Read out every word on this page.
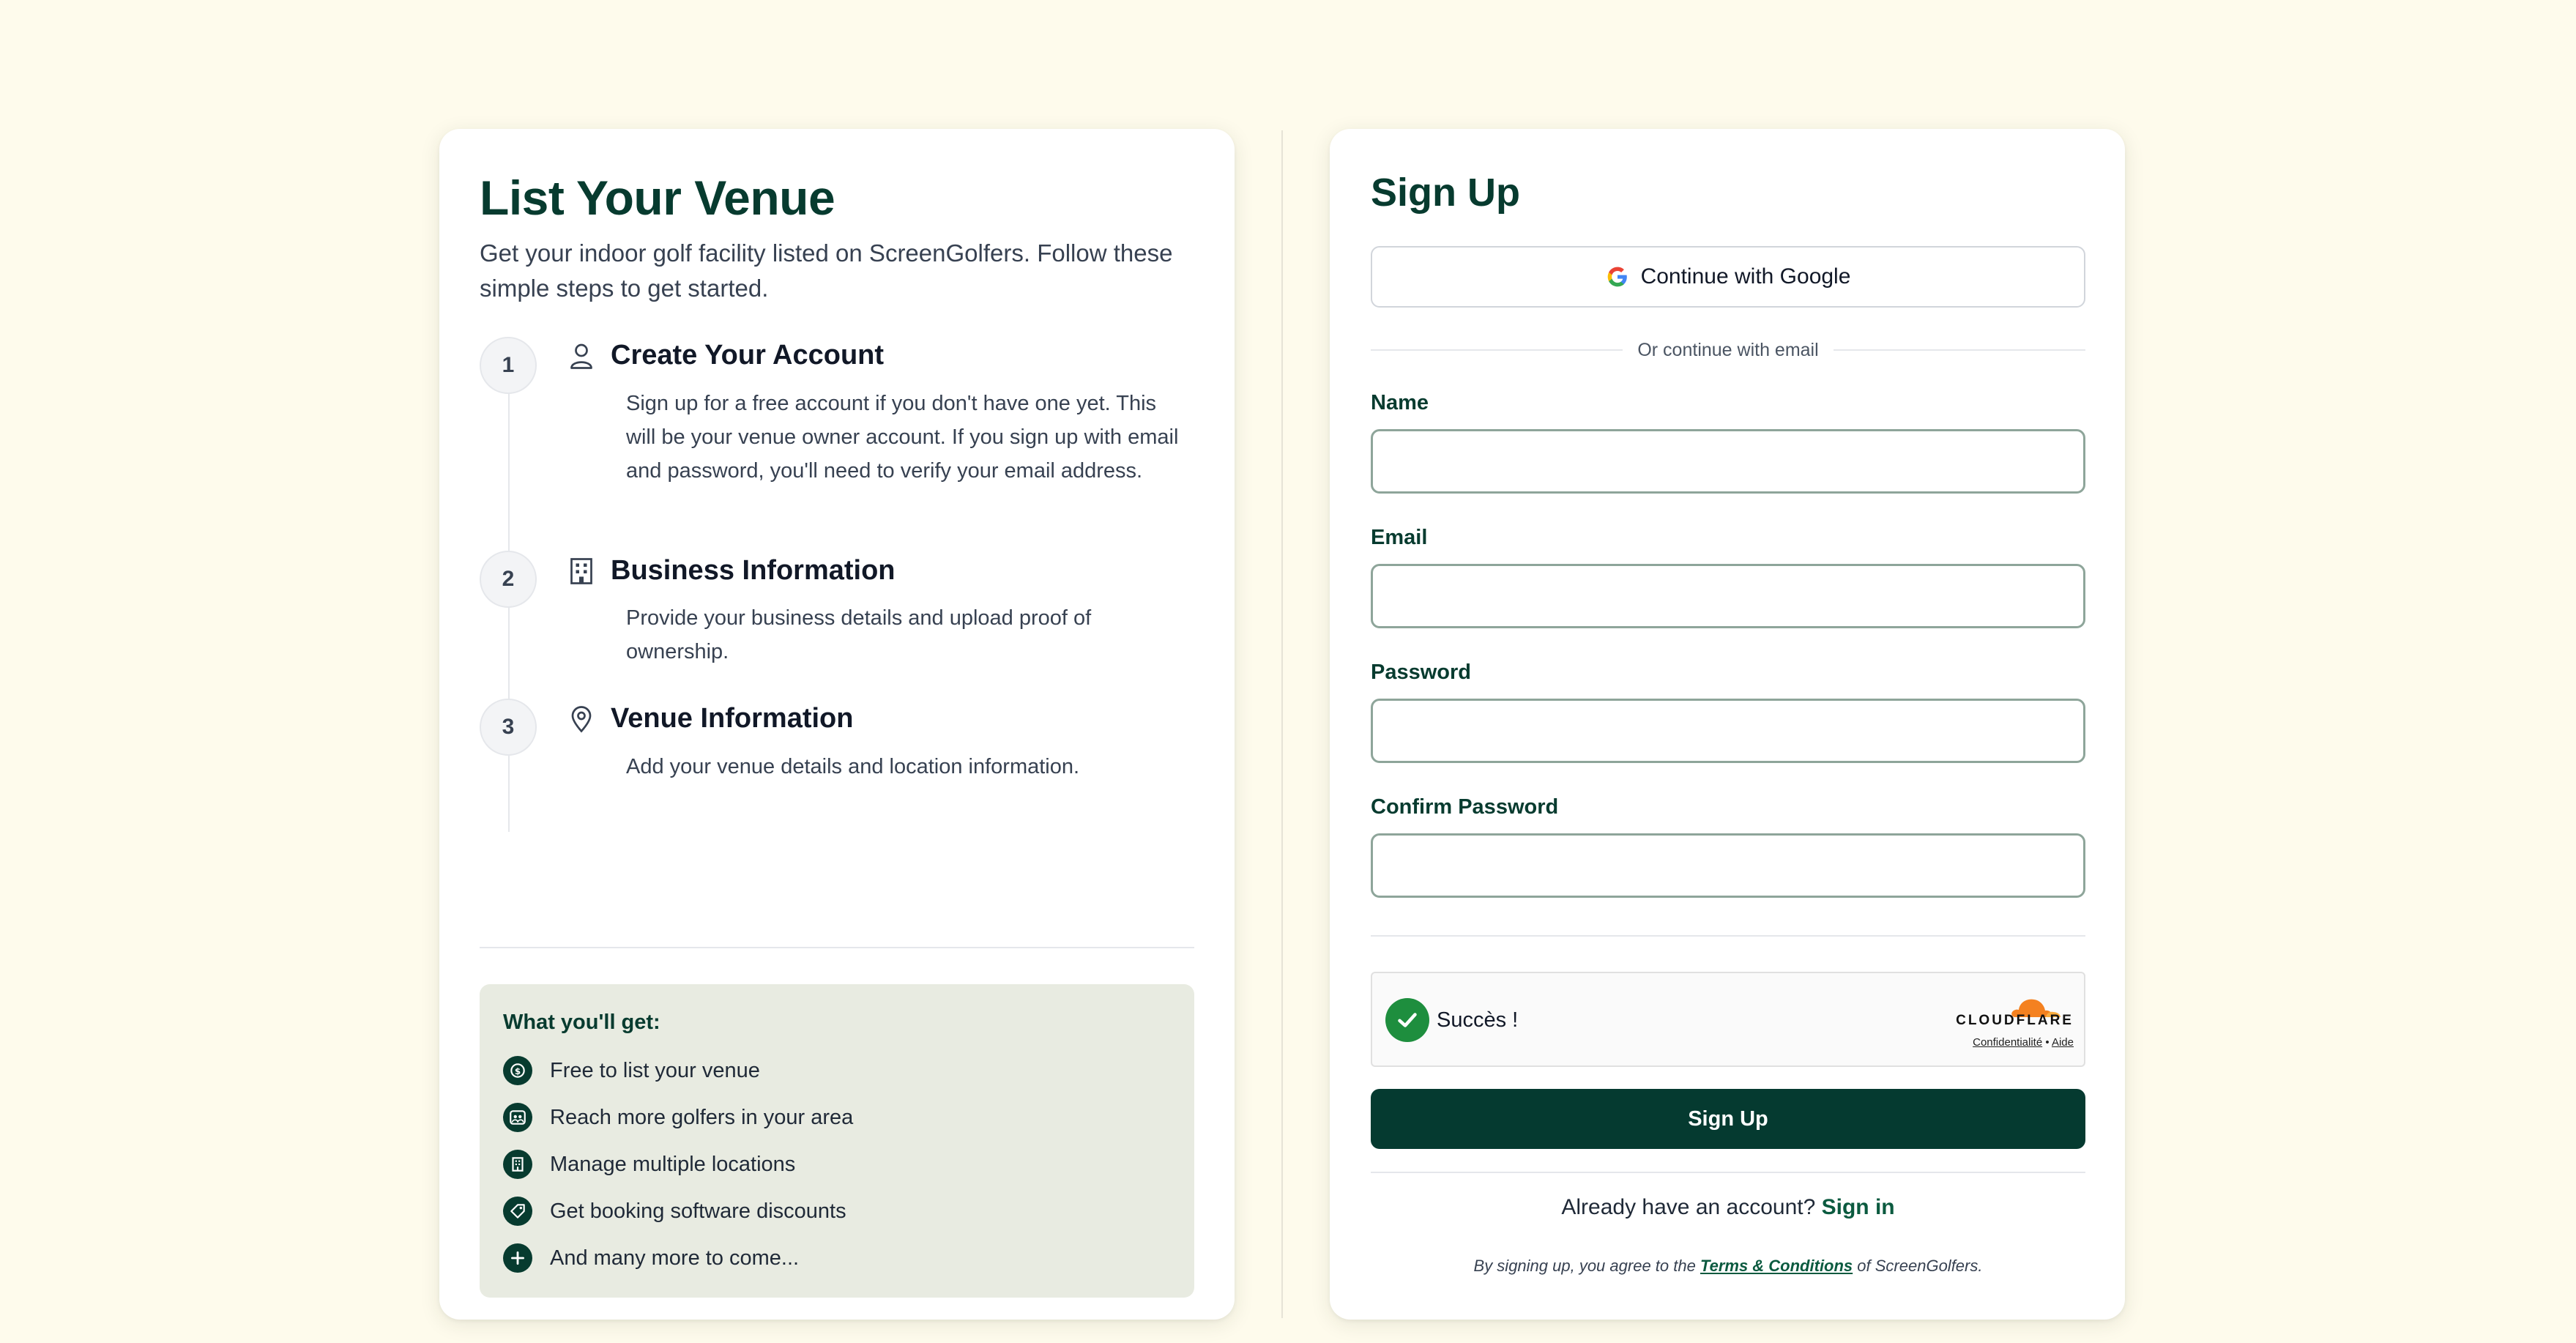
List Your Venue

Get your indoor golf facility listed on ScreenGolfers. Follow these simple steps to get started.

1	Create Your Account
Sign up for a free account if you don't have one yet. This will be your venue owner account. If you sign up with email and password, you'll need to verify your email address.
2	Business Information
Provide your business details and upload proof of ownership.
3	Venue Information
Add your venue details and location information.
What you'll get:
$ Free to list your venue
Reach more golfers in your area
Manage multiple locations
Get booking software discounts
And many more to come...
Sign Up
Continue with Google
Or continue with email
Name
Email
Password
Confirm Password
Succès !	CLOUDFLARE
Confidentialité • Aide
Sign Up
Already have an account? Sign in
By signing up, you agree to the Terms & Conditions of ScreenGolfers.
